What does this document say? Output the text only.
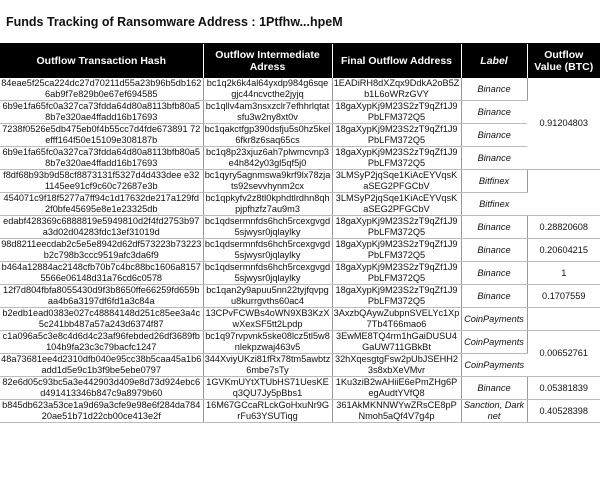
Funds Tracking of Ransomware Address : 1Ptfhw...hpeM
Outflow Transaction Hash	Outflow Intermediate Adress	Final Outflow Address	Label	Outflow Value (BTC)
84eae5f25ca224dc27d70211d55a23b96b5db1626ab9f7e829b0e67ef694585	bc1q2k6k4al64yxdp984g6sqegjc44ncvcthe2jyjq	1EADiRH8dXZqx9DdkA2oB5Zb1L6oWRzGVY	Binance	0.91204803
6b9e1fa65fc0a327ca73fdda64d80a8113bfb80a58b7e320ae4ffadd16b17693	bc1qllv4am3nsxzclr7efhhrlqtatsfu3w2ny8xt0v	18gaXypKj9M23S2zT9qZf1J9PbLFM372Q5	Binance	
7238f0526e5db475eb0f4b55cc7d4fde673891 72efff164f50e15109e308187b	bc1qakctfgp390dsfju5s0hz5kel6fkr8z6saq65cs	18gaXypKj9M23S2zT9qZf1J9PbLFM372Q5	Binance	
6b9e1fa65fc0a327ca73fdda64d80a8113bfb80a58b7e320ae4ffadd16b17693	bc1q8p23xjuz6ah7plwmcvnp3e4h842y03gl5qf5j0	18gaXypKj9M23S2zT9qZf1J9PbLFM372Q5	Binance	
f8df68b93b9d58cf8873131f5327d4d433dee e321145ee91cf9c60c72687e3b	bc1qyry5agnmswa9krf9lx78zjats92sevvhynm2cx	3LMSyP2jqSqe1KiAcEYVqsKaSEG2PFGCbV	Bitfinex	
454071c9f18f5277a7ff94c1d17632de217a129fd2f0bfe45695e8e1e23325db	bc1qpkyfv2z8tl0kphdtlrdhn8qhpjpfhzfz7au9m3	3LMSyP2jqSqe1KiAcEYVqsKaSEG2PFGCbV	Bitfinex	
edabf428369c6888819e5949810d2f4fd2753b97a3d02d04283fdc13ef31019d	bc1qdsermnfds6hch5rcexgvgd5sjwysr0jqlaylky	18gaXypKj9M23S2zT9qZf1J9PbLFM372Q5	Binance	0.28820608
98d8211eecdab2c5e5e8942d62df573223b73223b2c798b3ccc9519afc3da6f9	bc1qdsermnfds6hch5rcexgvgd5sjwysr0jqlaylky	18gaXypKj9M23S2zT9qZf1J9PbLFM372Q5	Binance	0.20604215
b464a12884ac2148cfb70b7c4bc88bc1606a81575566e06148d31a76cd6c0578	bc1qdsermnfds6hch5rcexgvgd5sjwysr0jqlaylky	18gaXypKj9M23S2zT9qZf1J9PbLFM372Q5	Binance	1
12f7d804fbfa8055430d9f3b8650ffe66259fd659baa4b6a3197df6fd1a3c84a	bc1qan2y9apuu5nn22tyjfqvpgu8kurrgvths60ac4	18gaXypKj9M23S2zT9qZf1J9PbLFM372Q5	Binance	0.1707559
b2edb1ead0383e027c48884148d251c85ee3a4c5c241bb487a57a243d6374f87	13CPvFCWBs4oWN9XB3KzXwXexSF5tt2Lpdp	3AxzbQAywZubpnSVELYc1Xp7Tb4T66mao6	CoinPayments	
c1a096a5c3e8c4d6d4c23af96febded26df3689fb104b9fa23c3c79bacfc1247	bc1q97rvpvnk5ske08lcz5tl5w8nlekpzwaj463v5	3EwME8TQ4rm1hGaiDUSU4GaUW711GBkBt	CoinPayments	0.00652761
48a73681ee4d2310dfb040e95cc38b5caa45a1b6add1d5e9c1b3f9be5ebe0797	344XviyUKzi81fRx78tm5awbtz6mbe7sTy	32hXqesgtgFsw2pUbJSEHH23s8xbXeVMvr	CoinPayments	
82e6d05c93bc5a3e442903d409e8d73d924ebc6d491413346b847c9a8979b60	1GVKmUYtXTUbHS71UesKEq3QU7Jy5pBbs1	1Ku3ziB2wAHiiE6ePmZHg6PegAudtYVfQ8	Binance	0.05381839
b845db623a53ce1a9d69a3cfe9e98e6f284da78420ae51b71d22cb00ce413e2f	16M67GCcaRLckGoHxuNr9GrFu63YSUTiqg	361AkMKNNWYwZRsCE8pPNmoh5aQf4V7g4p	Sanction, Darknet	0.40528398
